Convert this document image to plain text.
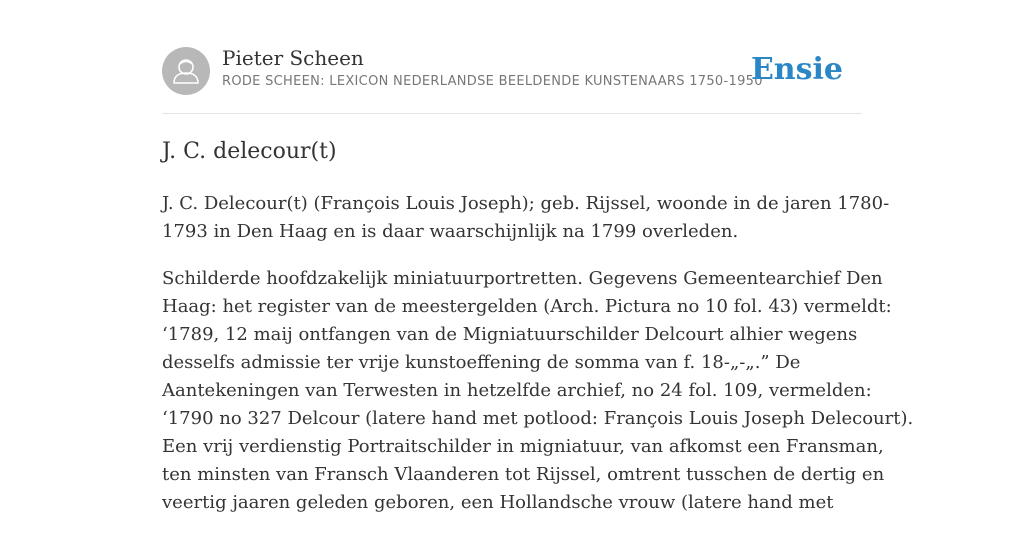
Pieter Scheen
RODE SCHEEN: LEXICON NEDERLANDSE BEELDENDE KUNSTENAARS 1750-1950
Ensie
J. C. delecour(t)

J. C. Delecour(t) (François Louis Joseph); geb. Rijssel, woonde in de jaren 1780-
1793 in Den Haag en is daar waarschijnlijk na 1799 overleden.

Schilderde hoofdzakelijk miniatuurportretten. Gegevens Gemeentearchief Den
Haag: het register van de meestergelden (Arch. Pictura no 10 fol. 43) vermeldt:
‘1789, 12 maij ontfangen van de Migniatuurschilder Delcourt alhier wegens
desselfs admissie ter vrije kunstoeffening de somma van f. 18-„-„.” De
Aantekeningen van Terwesten in hetzelfde archief, no 24 fol. 109, vermelden:
‘1790 no 327 Delcour (latere hand met potlood: François Louis Joseph Delecourt).
Een vrij verdienstig Portraitschilder in migniatuur, van afkomst een Fransman,
ten minsten van Fransch Vlaanderen tot Rijssel, omtrent tusschen de dertig en
veertig jaaren geleden geboren, een Hollandsche vrouw (latere hand met
